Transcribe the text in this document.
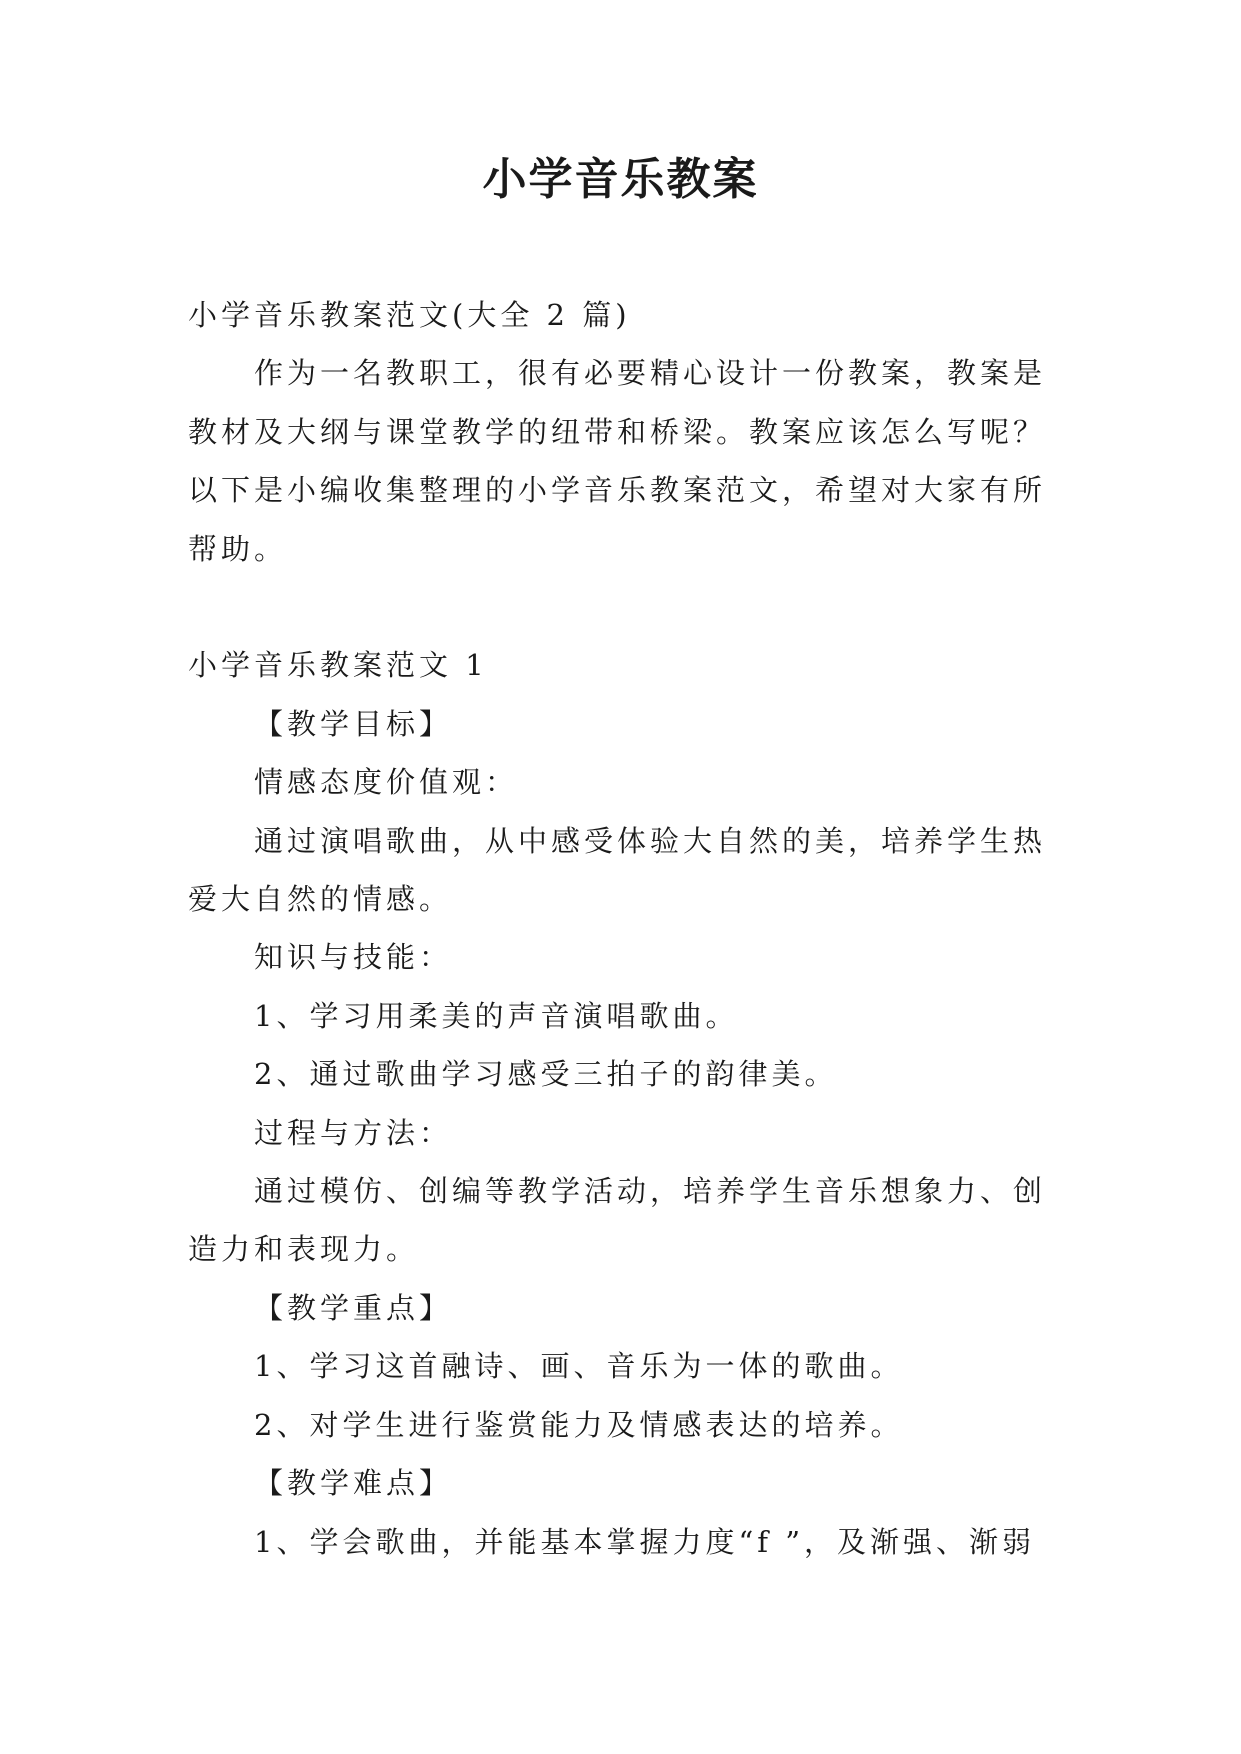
小学音乐教案

小学音乐教案范文(大全 2 篇)

作为一名教职工，很有必要精心设计一份教案，教案是教材及大纲与课堂教学的纽带和桥梁。教案应该怎么写呢？以下是小编收集整理的小学音乐教案范文，希望对大家有所帮助。

小学音乐教案范文 1

【教学目标】

情感态度价值观：

通过演唱歌曲，从中感受体验大自然的美，培养学生热爱大自然的情感。

知识与技能：

1、学习用柔美的声音演唱歌曲。

2、通过歌曲学习感受三拍子的韵律美。

过程与方法：

通过模仿、创编等教学活动，培养学生音乐想象力、创造力和表现力。

【教学重点】

1、学习这首融诗、画、音乐为一体的歌曲。

2、对学生进行鉴赏能力及情感表达的培养。

【教学难点】

1、学会歌曲，并能基本掌握力度“f ”，及渐强、渐弱
